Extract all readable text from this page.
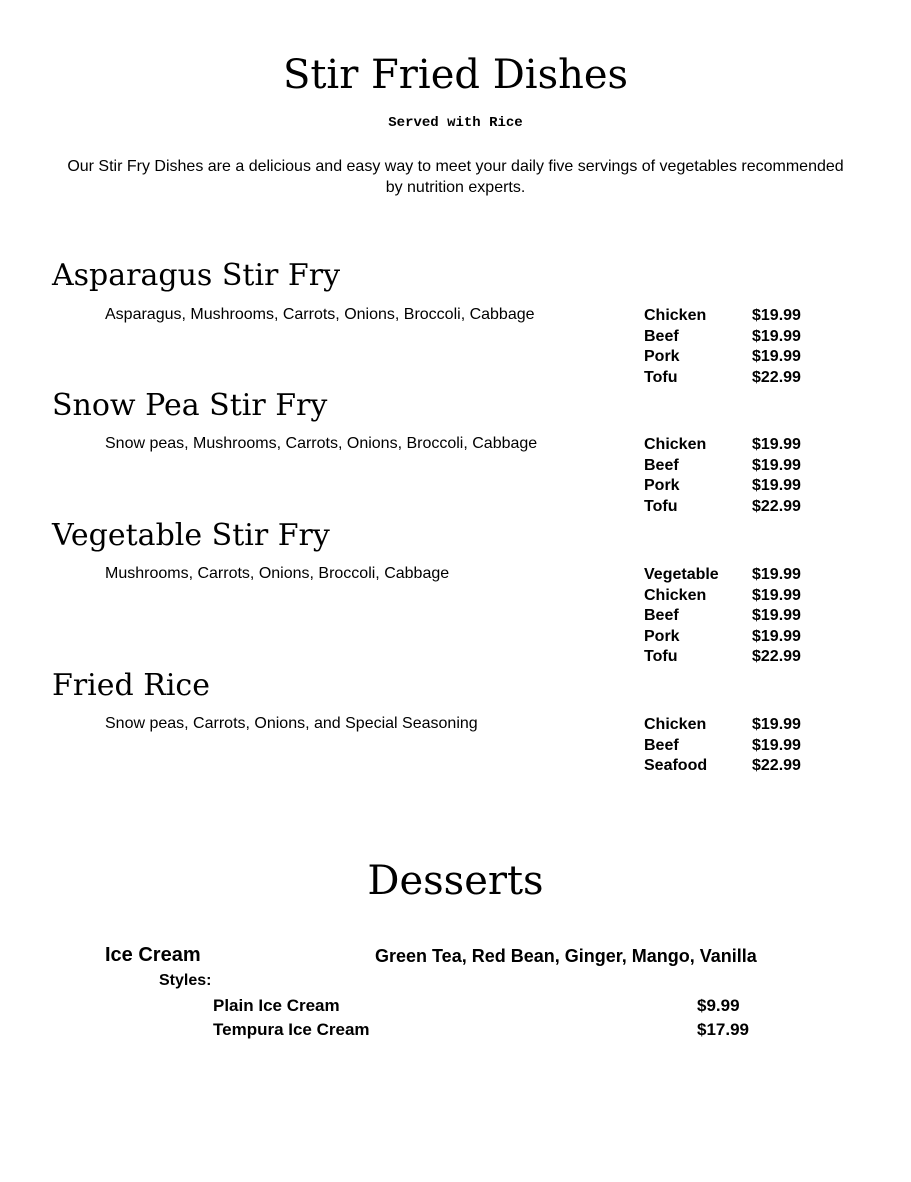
Stir Fried Dishes
Served with Rice
Our Stir Fry Dishes are a delicious and easy way to meet your daily five servings of vegetables recommended by nutrition experts.
Asparagus Stir Fry
Asparagus, Mushrooms, Carrots, Onions, Broccoli, Cabbage	Chicken	$19.99
Beef	$19.99
Pork	$19.99
Tofu	$22.99
Snow Pea Stir Fry
Snow peas, Mushrooms, Carrots, Onions, Broccoli, Cabbage	Chicken	$19.99
Beef	$19.99
Pork	$19.99
Tofu	$22.99
Vegetable Stir Fry
Mushrooms, Carrots, Onions, Broccoli, Cabbage	Vegetable $19.99
Chicken	$19.99
Beef	$19.99
Pork	$19.99
Tofu	$22.99
Fried Rice
Snow peas, Carrots, Onions, and Special Seasoning	Chicken	$19.99
Beef	$19.99
Seafood	$22.99
Desserts
Ice Cream	Green Tea, Red Bean, Ginger, Mango, Vanilla
Styles:
Plain Ice Cream	$9.99
Tempura Ice Cream	$17.99
